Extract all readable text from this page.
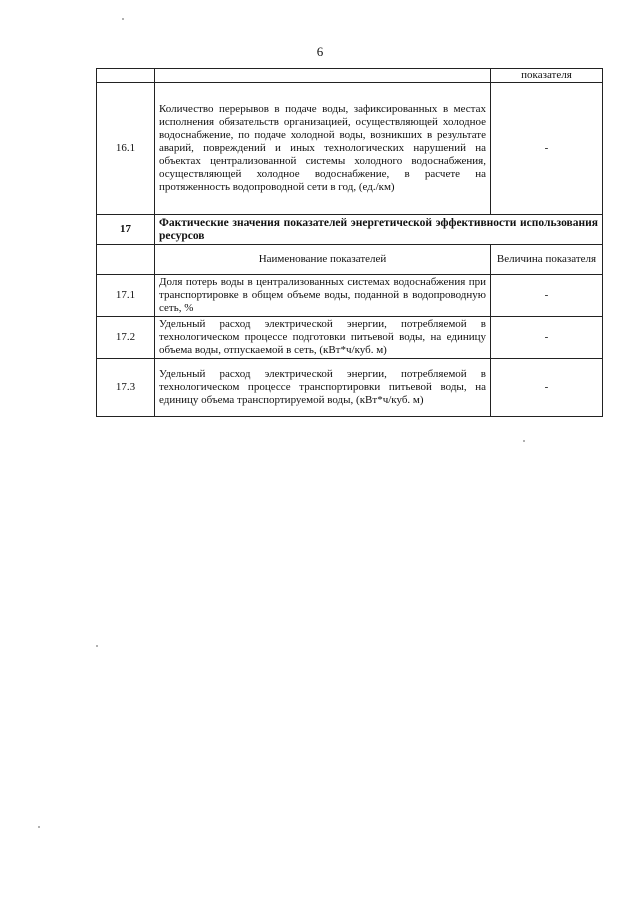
6
		показателя
16.1	Количество перерывов в подаче воды, зафиксированных в местах исполнения обязательств организацией, осуществляющей холодное водоснабжение, по подаче холодной воды, возникших в результате аварий, повреждений и иных технологических нарушений на объектах централизованной системы холодного водоснабжения, осуществляющей холодное водоснабжение, в расчете на протяженность водопроводной сети в год, (ед./км)	-
17	Фактические значения показателей энергетической эффективности использования ресурсов	
	Наименование показателей	Величина показателя
17.1	Доля потерь воды в централизованных системах водоснабжения при транспортировке в общем объеме воды, поданной в водопроводную сеть, %	-
17.2	Удельный расход электрической энергии, потребляемой в технологическом процессе подготовки питьевой воды, на единицу объема воды, отпускаемой в сеть, (кВт*ч/куб. м)	-
17.3	Удельный расход электрической энергии, потребляемой в технологическом процессе транспортировки питьевой воды, на единицу объема транспортируемой воды, (кВт*ч/куб. м)	-
